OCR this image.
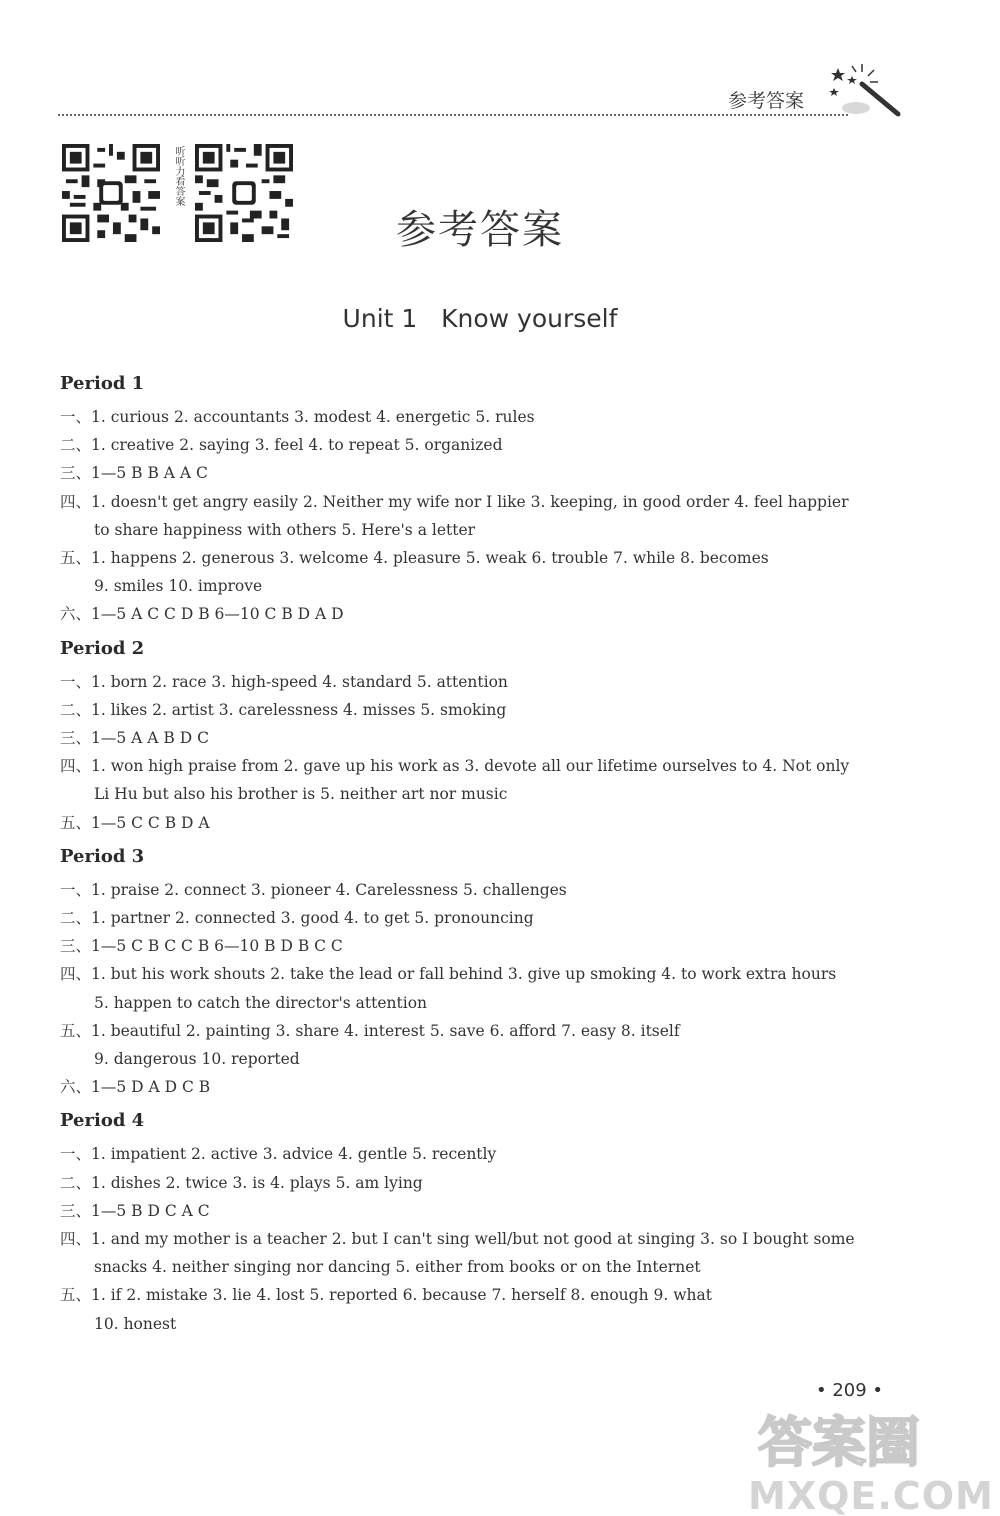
参考答案
听听力看答案
参考答案
Unit 1   Know yourself
Period 1
一、1. curious 2. accountants 3. modest 4. energetic 5. rules
二、1. creative 2. saying 3. feel 4. to repeat 5. organized
三、1—5 B B A A C
四、1. doesn't get angry easily 2. Neither my wife nor I like 3. keeping, in good order 4. feel happier
to share happiness with others 5. Here's a letter
五、1. happens 2. generous 3. welcome 4. pleasure 5. weak 6. trouble 7. while 8. becomes
9. smiles 10. improve
六、1—5 A C C D B 6—10 C B D A D
Period 2
一、1. born 2. race 3. high-speed 4. standard 5. attention
二、1. likes 2. artist 3. carelessness 4. misses 5. smoking
三、1—5 A A B D C
四、1. won high praise from 2. gave up his work as 3. devote all our lifetime ourselves to 4. Not only
Li Hu but also his brother is 5. neither art nor music
五、1—5 C C B D A
Period 3
一、1. praise 2. connect 3. pioneer 4. Carelessness 5. challenges
二、1. partner 2. connected 3. good 4. to get 5. pronouncing
三、1—5 C B C C B 6—10 B D B C C
四、1. but his work shouts 2. take the lead or fall behind 3. give up smoking 4. to work extra hours
5. happen to catch the director's attention
五、1. beautiful 2. painting 3. share 4. interest 5. save 6. afford 7. easy 8. itself
9. dangerous 10. reported
六、1—5 D A D C B
Period 4
一、1. impatient 2. active 3. advice 4. gentle 5. recently
二、1. dishes 2. twice 3. is 4. plays 5. am lying
三、1—5 B D C A C
四、1. and my mother is a teacher 2. but I can't sing well/but not good at singing 3. so I bought some
snacks 4. neither singing nor dancing 5. either from books or on the Internet
五、1. if 2. mistake 3. lie 4. lost 5. reported 6. because 7. herself 8. enough 9. what
10. honest
• 209 •
答案圈
MXQE.COM
